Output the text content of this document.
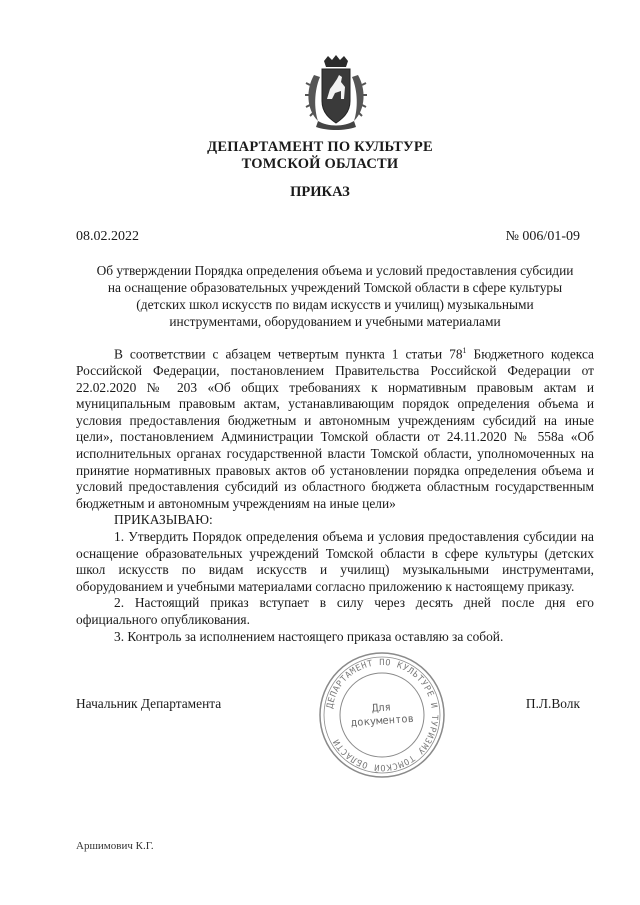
ДЕПАРТАМЕНТ ПО КУЛЬТУРЕ
ТОМСКОЙ ОБЛАСТИ
ПРИКАЗ
08.02.2022	№ 006/01-09
Об утверждении Порядка определения объема и условий предоставления субсидии на оснащение образовательных учреждений Томской области в сфере культуры (детских школ искусств по видам искусств и училищ) музыкальными инструментами, оборудованием и учебными материалами

В соответствии с абзацем четвертым пункта 1 статьи $78^1$ Бюджетного кодекса Российской Федерации, постановлением Правительства Российской Федерации от 22.02.2020 № 203 «Об общих требованиях к нормативным правовым актам и муниципальным правовым актам, устанавливающим порядок определения объема и условия предоставления бюджетным и автономным учреждениям субсидий на иные цели», постановлением Администрации Томской области от 24.11.2020 № 558а «Об исполнительных органах государственной власти Томской области, уполномоченных на принятие нормативных правовых актов об установлении порядка определения объема и условий предоставления субсидий из областного бюджета областным государственным бюджетным и автономным учреждениям на иные цели»

ПРИКАЗЫВАЮ:

1. Утвердить Порядок определения объема и условия предоставления субсидии на оснащение образовательных учреждений Томской области в сфере культуры (детских школ искусств по видам искусств и училищ) музыкальными инструментами, оборудованием и учебными материалами согласно приложению к настоящему приказу.

2. Настоящий приказ вступает в силу через десять дней после дня его официального опубликования.

3. Контроль за исполнением настоящего приказа оставляю за собой.

Начальник Департамента	П.Л.Волк
ДЕПАРТАМЕНТ ПО КУЛЬТУРЕ И ТУРИЗМУ ТОМСКОЙ ОБЛАСТИ
Для
документов
Аршимович К.Г.
